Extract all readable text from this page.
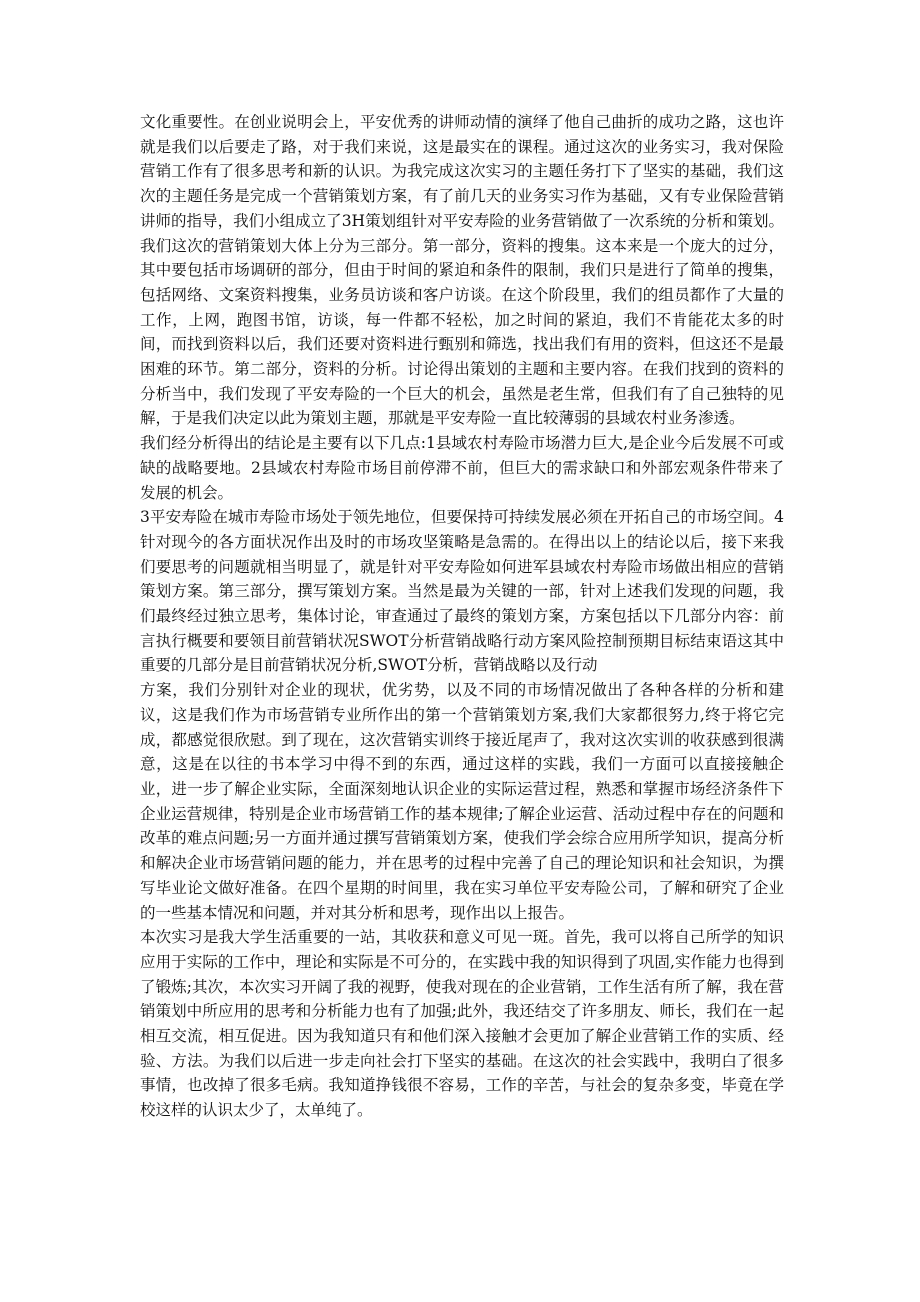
文化重要性。在创业说明会上，平安优秀的讲师动情的演绎了他自己曲折的成功之路，这也许就是我们以后要走了路，对于我们来说，这是最实在的课程。通过这次的业务实习，我对保险营销工作有了很多思考和新的认识。为我完成这次实习的主题任务打下了坚实的基础，我们这次的主题任务是完成一个营销策划方案，有了前几天的业务实习作为基础，又有专业保险营销讲师的指导，我们小组成立了3H策划组针对平安寿险的业务营销做了一次系统的分析和策划。我们这次的营销策划大体上分为三部分。第一部分，资料的搜集。这本来是一个庞大的过分，其中要包括市场调研的部分，但由于时间的紧迫和条件的限制，我们只是进行了简单的搜集，包括网络、文案资料搜集，业务员访谈和客户访谈。在这个阶段里，我们的组员都作了大量的工作，上网，跑图书馆，访谈，每一件都不轻松，加之时间的紧迫，我们不肯能花太多的时间，而找到资料以后，我们还要对资料进行甄别和筛选，找出我们有用的资料，但这还不是最困难的环节。第二部分，资料的分析。讨论得出策划的主题和主要内容。在我们找到的资料的分析当中，我们发现了平安寿险的一个巨大的机会，虽然是老生常，但我们有了自己独特的见解，于是我们决定以此为策划主题，那就是平安寿险一直比较薄弱的县域农村业务渗透。

我们经分析得出的结论是主要有以下几点:1县域农村寿险市场潜力巨大,是企业今后发展不可或缺的战略要地。2县域农村寿险市场目前停滞不前，但巨大的需求缺口和外部宏观条件带来了发展的机会。

3平安寿险在城市寿险市场处于领先地位，但要保持可持续发展必须在开拓自己的市场空间。4针对现今的各方面状况作出及时的市场攻坚策略是急需的。在得出以上的结论以后，接下来我们要思考的问题就相当明显了，就是针对平安寿险如何进军县域农村寿险市场做出相应的营销策划方案。第三部分，撰写策划方案。当然是最为关键的一部，针对上述我们发现的问题，我们最终经过独立思考，集体讨论，审查通过了最终的策划方案，方案包括以下几部分内容：前言执行概要和要领目前营销状况SWOT分析营销战略行动方案风险控制预期目标结束语这其中重要的几部分是目前营销状况分析,SWOT分析，营销战略以及行动

方案，我们分别针对企业的现状，优劣势，以及不同的市场情况做出了各种各样的分析和建议，这是我们作为市场营销专业所作出的第一个营销策划方案,我们大家都很努力,终于将它完成，都感觉很欣慰。到了现在，这次营销实训终于接近尾声了，我对这次实训的收获感到很满意，这是在以往的书本学习中得不到的东西，通过这样的实践，我们一方面可以直接接触企业，进一步了解企业实际，全面深刻地认识企业的实际运营过程，熟悉和掌握市场经济条件下企业运营规律，特别是企业市场营销工作的基本规律;了解企业运营、活动过程中存在的问题和改革的难点问题;另一方面并通过撰写营销策划方案，使我们学会综合应用所学知识，提高分析和解决企业市场营销问题的能力，并在思考的过程中完善了自己的理论知识和社会知识，为撰写毕业论文做好准备。在四个星期的时间里，我在实习单位平安寿险公司，了解和研究了企业的一些基本情况和问题，并对其分析和思考，现作出以上报告。

本次实习是我大学生活重要的一站，其收获和意义可见一斑。首先，我可以将自己所学的知识应用于实际的工作中，理论和实际是不可分的，在实践中我的知识得到了巩固,实作能力也得到了锻炼;其次，本次实习开阔了我的视野，使我对现在的企业营销，工作生活有所了解，我在营销策划中所应用的思考和分析能力也有了加强;此外，我还结交了许多朋友、师长，我们在一起相互交流，相互促进。因为我知道只有和他们深入接触才会更加了解企业营销工作的实质、经验、方法。为我们以后进一步走向社会打下坚实的基础。在这次的社会实践中，我明白了很多事情，也改掉了很多毛病。我知道挣钱很不容易，工作的辛苦，与社会的复杂多变，毕竟在学校这样的认识太少了，太单纯了。
